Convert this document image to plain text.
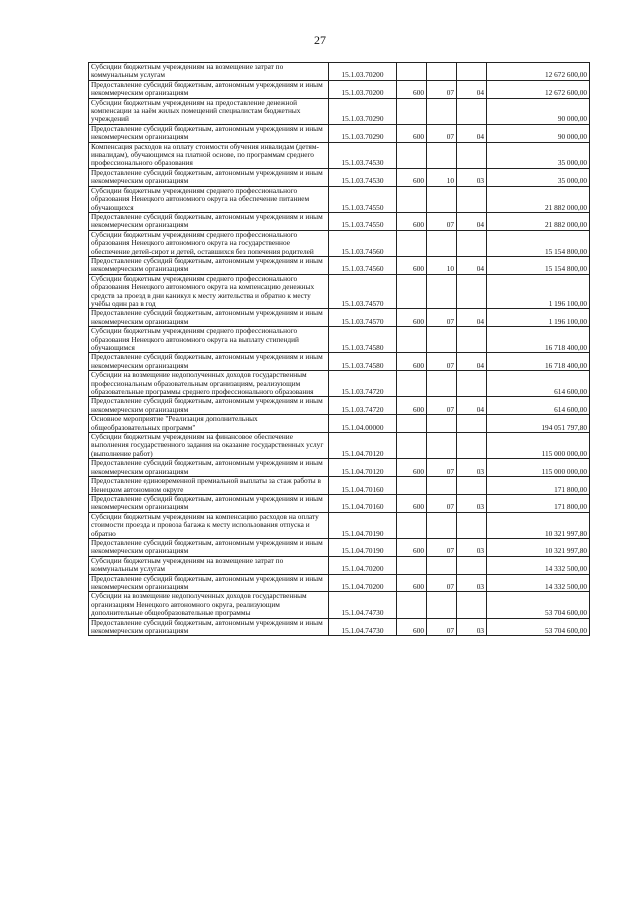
27
Субсидии бюджетным учреждениям на возмещение затрат по коммунальным услугам	15.1.03.70200				12 672 600,00
Предоставление субсидий бюджетным, автономным учреждениям и иным некоммерческим организациям	15.1.03.70200	600	07	04	12 672 600,00
Субсидии бюджетным учреждениям на предоставление денежной компенсации за наём жилых помещений специалистам бюджетных учреждений	15.1.03.70290				90 000,00
Предоставление субсидий бюджетным, автономным учреждениям и иным некоммерческим организациям	15.1.03.70290	600	07	04	90 000,00
Компенсация расходов на оплату стоимости обучения инвалидам (детям-инвалидам), обучающимся на платной основе, по программам среднего профессионального образования	15.1.03.74530				35 000,00
Предоставление субсидий бюджетным, автономным учреждениям и иным некоммерческим организациям	15.1.03.74530	600	10	03	35 000,00
Субсидии бюджетным учреждениям среднего профессионального образования Ненецкого автономного округа на обеспечение питанием обучающихся	15.1.03.74550				21 882 000,00
Предоставление субсидий бюджетным, автономным учреждениям и иным некоммерческим организациям	15.1.03.74550	600	07	04	21 882 000,00
Субсидии бюджетным учреждениям среднего профессионального образования Ненецкого автономного округа на государственное обеспечение детей-сирот и детей, оставшихся без попечения родителей	15.1.03.74560				15 154 800,00
Предоставление субсидий бюджетным, автономным учреждениям и иным некоммерческим организациям	15.1.03.74560	600	10	04	15 154 800,00
Субсидии бюджетным учреждениям среднего профессионального образования Ненецкого автономного округа на компенсацию денежных средств за проезд в дни каникул к месту жительства и обратно к месту учёбы один раз в год	15.1.03.74570				1 196 100,00
Предоставление субсидий бюджетным, автономным учреждениям и иным некоммерческим организациям	15.1.03.74570	600	07	04	1 196 100,00
Субсидии бюджетным учреждениям среднего профессионального образования Ненецкого автономного округа на выплату стипендий обучающимся	15.1.03.74580				16 718 400,00
Предоставление субсидий бюджетным, автономным учреждениям и иным некоммерческим организациям	15.1.03.74580	600	07	04	16 718 400,00
Субсидии на возмещение недополученных доходов государственным профессиональным образовательным организациям, реализующим образовательные программы среднего профессионального образования	15.1.03.74720				614 600,00
Предоставление субсидий бюджетным, автономным учреждениям и иным некоммерческим организациям	15.1.03.74720	600	07	04	614 600,00
Основное мероприятие "Реализация дополнительных общеобразовательных программ"	15.1.04.00000				194 051 797,80
Субсидии бюджетным учреждениям на финансовое обеспечение выполнения государственного задания на оказание государственных услуг (выполнение работ)	15.1.04.70120				115 000 000,00
Предоставление субсидий бюджетным, автономным учреждениям и иным некоммерческим организациям	15.1.04.70120	600	07	03	115 000 000,00
Предоставление единовременной премиальной выплаты за стаж работы в Ненецком автономном округе	15.1.04.70160				171 800,00
Предоставление субсидий бюджетным, автономным учреждениям и иным некоммерческим организациям	15.1.04.70160	600	07	03	171 800,00
Субсидии бюджетным учреждениям на компенсацию расходов на оплату стоимости проезда и провоза багажа к месту использования отпуска и обратно	15.1.04.70190				10 321 997,80
Предоставление субсидий бюджетным, автономным учреждениям и иным некоммерческим организациям	15.1.04.70190	600	07	03	10 321 997,80
Субсидии бюджетным учреждениям на возмещение затрат по коммунальным услугам	15.1.04.70200				14 332 500,00
Предоставление субсидий бюджетным, автономным учреждениям и иным некоммерческим организациям	15.1.04.70200	600	07	03	14 332 500,00
Субсидии на возмещение недополученных доходов государственным организациям Ненецкого автономного округа, реализующим дополнительные общеобразовательные программы	15.1.04.74730				53 704 600,00
Предоставление субсидий бюджетным, автономным учреждениям и иным некоммерческим организациям	15.1.04.74730	600	07	03	53 704 600,00
